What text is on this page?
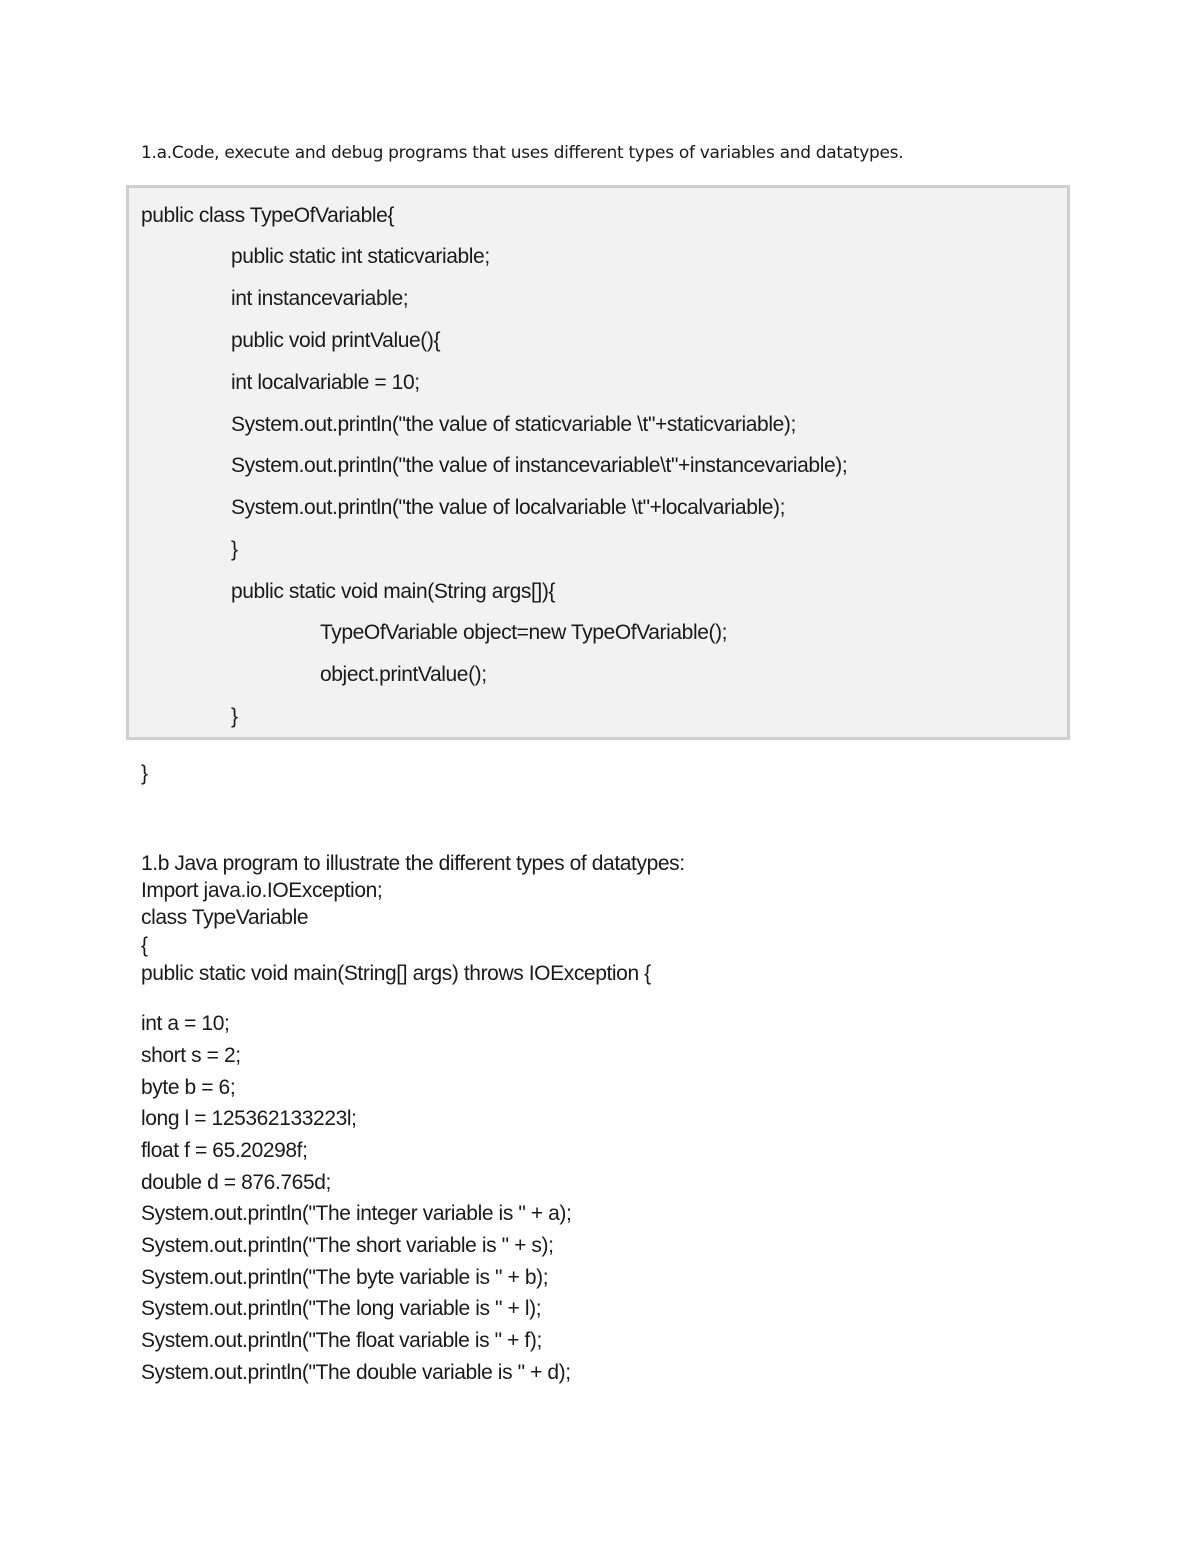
1.a.Code, execute and debug programs that uses different types of variables and datatypes.
public class TypeOfVariable{
public static int staticvariable;
int instancevariable;
public void printValue(){
int localvariable = 10;
System.out.println("the value of staticvariable \t"+staticvariable);
System.out.println("the value of instancevariable\t"+instancevariable);
System.out.println("the value of localvariable \t"+localvariable);
}
public static void main(String args[]){
TypeOfVariable object=new TypeOfVariable();
object.printValue();
}
}
1.b Java program to illustrate the different types of datatypes:
Import java.io.IOException;
class TypeVariable
{
public static void main(String[] args) throws IOException {
int a = 10;
short s = 2;
byte b = 6;
long l = 125362133223l;
float f = 65.20298f;
double d = 876.765d;
System.out.println("The integer variable is " + a);
System.out.println("The short variable is " + s);
System.out.println("The byte variable is " + b);
System.out.println("The long variable is " + l);
System.out.println("The float variable is " + f);
System.out.println("The double variable is " + d);
